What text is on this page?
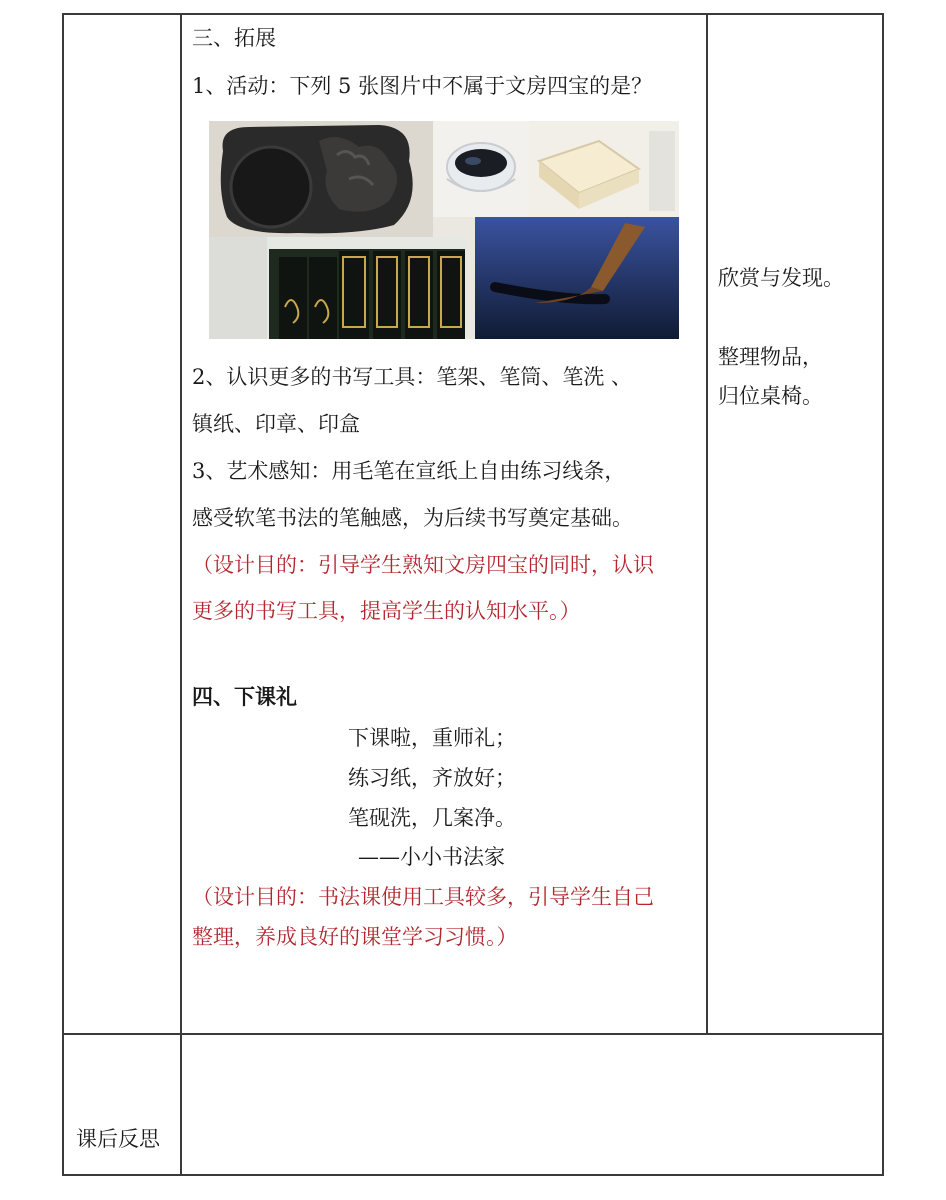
三、拓展
1、活动：下列 5 张图片中不属于文房四宝的是？
2、认识更多的书写工具：笔架、笔筒、笔洗 、
镇纸、印章、印盒
3、艺术感知：用毛笔在宣纸上自由练习线条，
感受软笔书法的笔触感，为后续书写奠定基础。
（设计目的：引导学生熟知文房四宝的同时，认识
更多的书写工具，提高学生的认知水平。）
四、下课礼
下课啦，重师礼；
练习纸，齐放好；
笔砚洗，几案净。
——小小书法家
（设计目的：书法课使用工具较多，引导学生自己
整理，养成良好的课堂学习习惯。）
欣赏与发现。
整理物品，
归位桌椅。
课后反思
